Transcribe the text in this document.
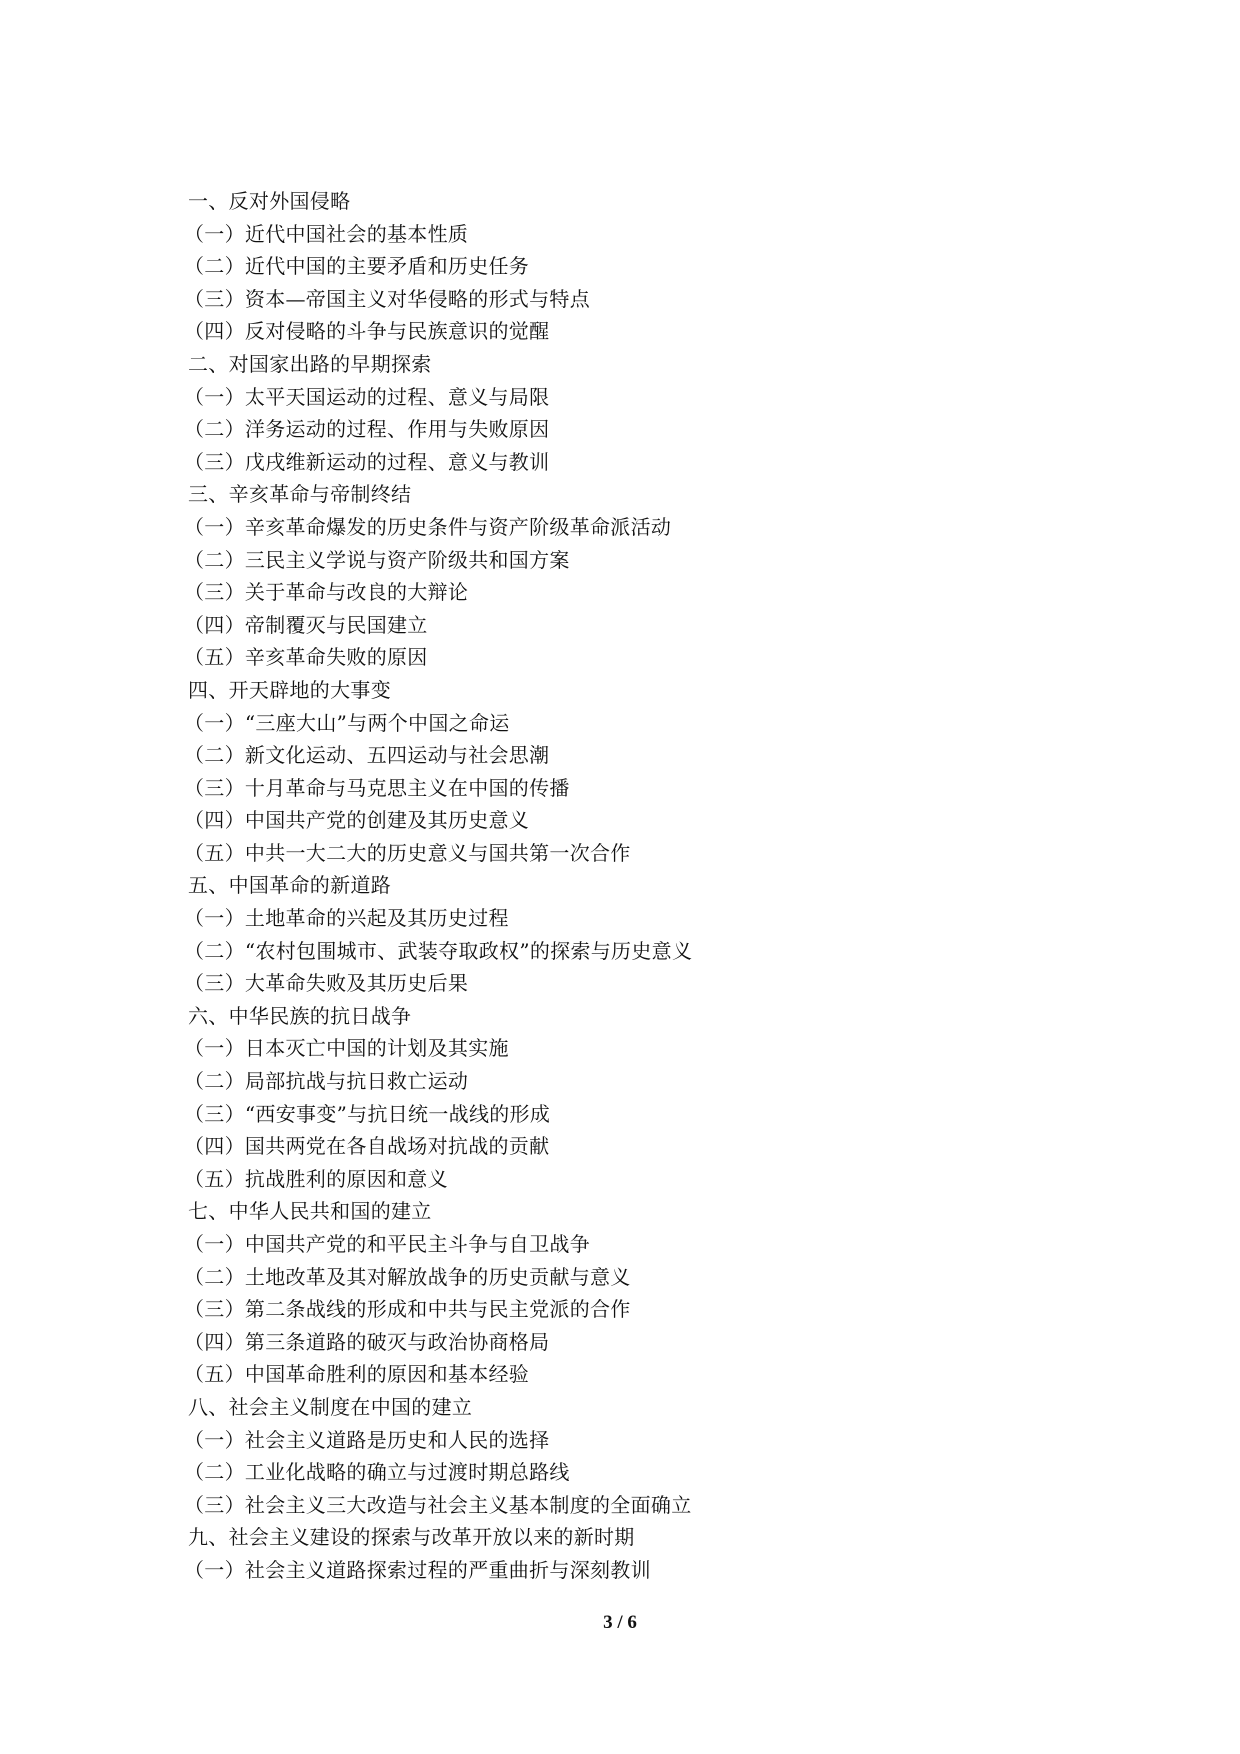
一、反对外国侵略
（一）近代中国社会的基本性质
（二）近代中国的主要矛盾和历史任务
（三）资本—帝国主义对华侵略的形式与特点
（四）反对侵略的斗争与民族意识的觉醒
二、对国家出路的早期探索
（一）太平天国运动的过程、意义与局限
（二）洋务运动的过程、作用与失败原因
（三）戊戌维新运动的过程、意义与教训
三、辛亥革命与帝制终结
（一）辛亥革命爆发的历史条件与资产阶级革命派活动
（二）三民主义学说与资产阶级共和国方案
（三）关于革命与改良的大辩论
（四）帝制覆灭与民国建立
（五）辛亥革命失败的原因
四、开天辟地的大事变
（一）“三座大山”与两个中国之命运
（二）新文化运动、五四运动与社会思潮
（三）十月革命与马克思主义在中国的传播
（四）中国共产党的创建及其历史意义
（五）中共一大二大的历史意义与国共第一次合作
五、中国革命的新道路
（一）土地革命的兴起及其历史过程
（二）“农村包围城市、武装夺取政权”的探索与历史意义
（三）大革命失败及其历史后果
六、中华民族的抗日战争
（一）日本灭亡中国的计划及其实施
（二）局部抗战与抗日救亡运动
（三）“西安事变”与抗日统一战线的形成
（四）国共两党在各自战场对抗战的贡献
（五）抗战胜利的原因和意义
七、中华人民共和国的建立
（一）中国共产党的和平民主斗争与自卫战争
（二）土地改革及其对解放战争的历史贡献与意义
（三）第二条战线的形成和中共与民主党派的合作
（四）第三条道路的破灭与政治协商格局
（五）中国革命胜利的原因和基本经验
八、社会主义制度在中国的建立
（一）社会主义道路是历史和人民的选择
（二）工业化战略的确立与过渡时期总路线
（三）社会主义三大改造与社会主义基本制度的全面确立
九、社会主义建设的探索与改革开放以来的新时期
（一）社会主义道路探索过程的严重曲折与深刻教训
3 / 6
